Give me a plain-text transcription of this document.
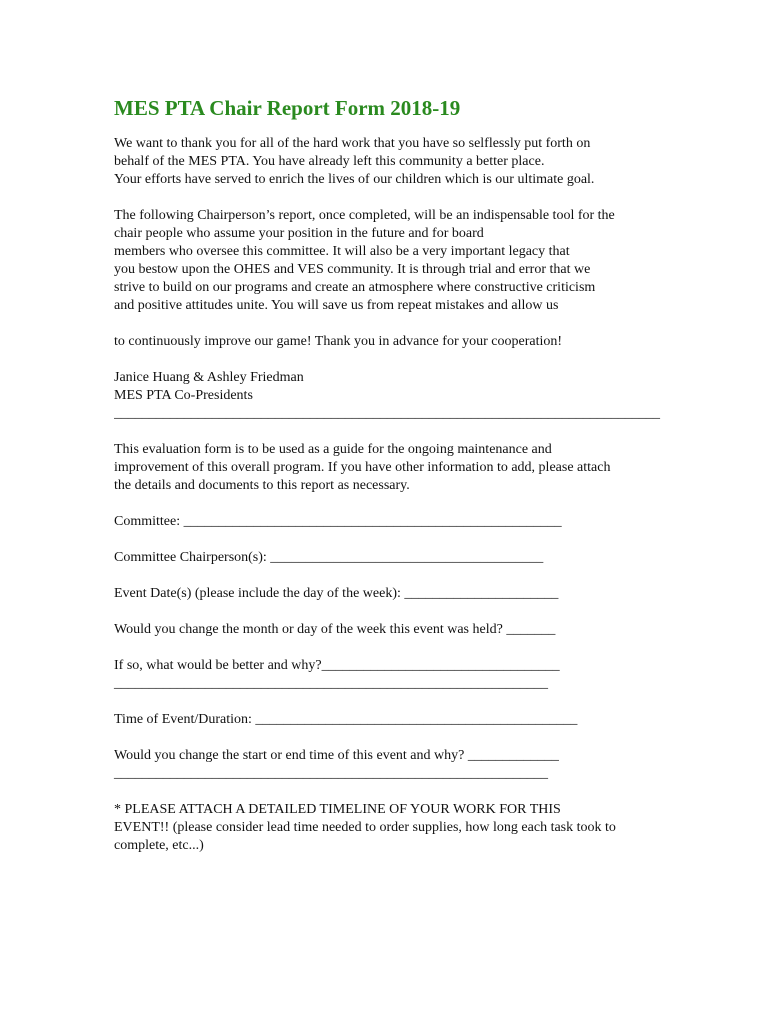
MES PTA Chair Report Form 2018-19
We want to thank you for all of the hard work that you have so selflessly put forth on
behalf of the MES PTA. You have already left this community a better place.
Your efforts have served to enrich the lives of our children which is our ultimate goal.
The following Chairperson’s report, once completed, will be an indispensable tool for the
chair people who assume your position in the future and for board
members who oversee this committee. It will also be a very important legacy that
you bestow upon the OHES and VES community. It is through trial and error that we
strive to build on our programs and create an atmosphere where constructive criticism
and positive attitudes unite. You will save us from repeat mistakes and allow us
to continuously improve our game! Thank you in advance for your cooperation!
Janice Huang & Ashley Friedman
MES PTA Co-Presidents
______________________________________________________________________________
This evaluation form is to be used as a guide for the ongoing maintenance and
improvement of this overall program. If you have other information to add, please attach
the details and documents to this report as necessary.
Committee: ______________________________________________________
Committee Chairperson(s): _______________________________________
Event Date(s) (please include the day of the week): ______________________
Would you change the month or day of the week this event was held? _______
If so, what would be better and why?__________________________________
______________________________________________________________
Time of Event/Duration: ______________________________________________
Would you change the start or end time of this event and why? _____________
______________________________________________________________
* PLEASE ATTACH A DETAILED TIMELINE OF YOUR WORK FOR THIS
EVENT!! (please consider lead time needed to order supplies, how long each task took to
complete, etc...)
